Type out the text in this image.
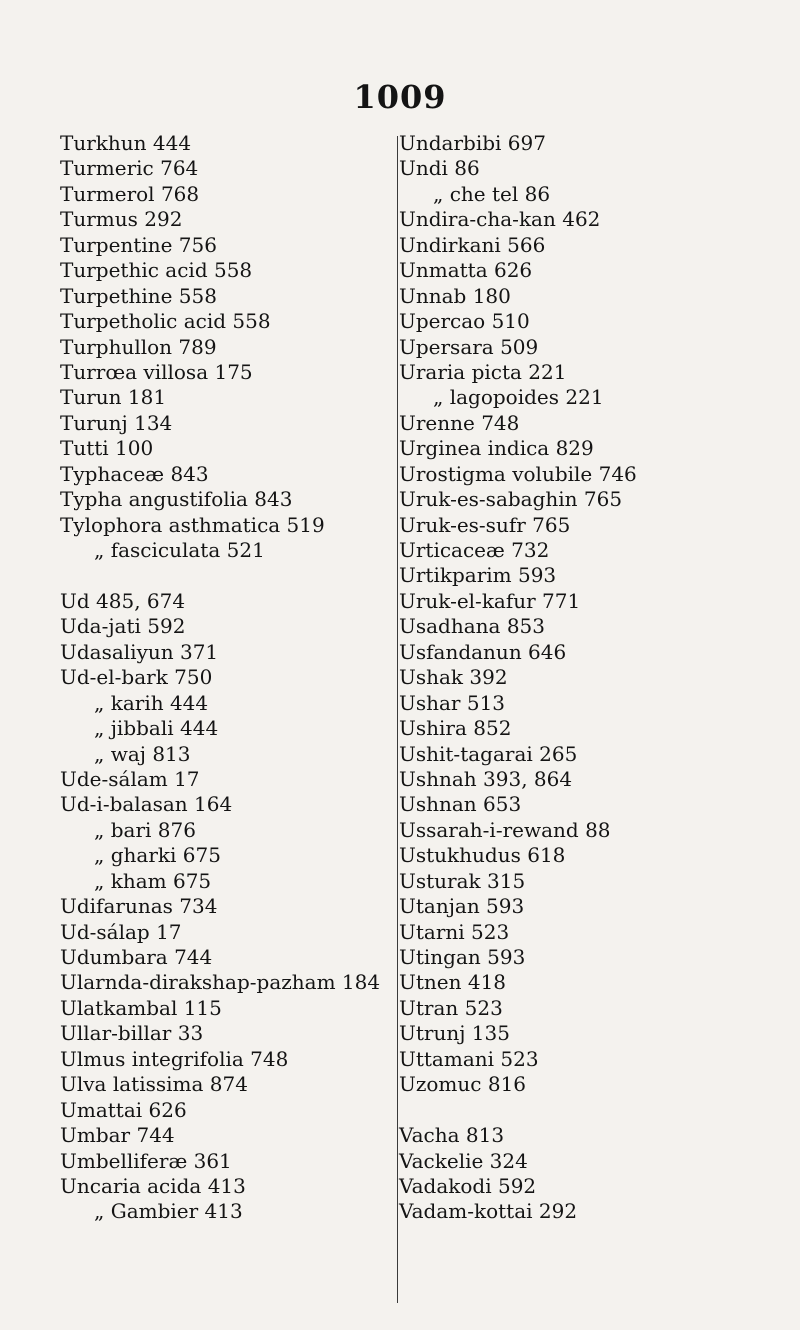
1009
Turkhun 444
Turmeric 764
Turmerol 768
Turmus 292
Turpentine 756
Turpethic acid 558
Turpethine 558
Turpetholic acid 558
Turphullon 789
Turrœa villosa 175
Turun 181
Turunj 134
Tutti 100
Typhaceæ 843
Typha angustifolia 843
Tylophora asthmatica 519
„ fasciculata 521
Ud 485, 674
Uda-jati 592
Udasaliyun 371
Ud-el-bark 750
„ karih 444
„ jibbali 444
„ waj 813
Ude-sálam 17
Ud-i-balasan 164
„ bari 876
„ gharki 675
„ kham 675
Udifarunas 734
Ud-sálap 17
Udumbara 744
Ularnda-dirakshap-pazham 184
Ulatkambal 115
Ullar-billar 33
Ulmus integrifolia 748
Ulva latissima 874
Umattai 626
Umbar 744
Umbelliferæ 361
Uncaria acida 413
„ Gambier 413
Undarbibi 697
Undi 86
„ che tel 86
Undira-cha-kan 462
Undirkani 566
Unmatta 626
Unnab 180
Upercao 510
Upersara 509
Uraria picta 221
„ lagopoides 221
Urenne 748
Urginea indica 829
Urostigma volubile 746
Uruk-es-sabaghin 765
Uruk-es-sufr 765
Urticaceæ 732
Urtikparim 593
Uruk-el-kafur 771
Usadhana 853
Usfandanun 646
Ushak 392
Ushar 513
Ushira 852
Ushit-tagarai 265
Ushnah 393, 864
Ushnan 653
Ussarah-i-rewand 88
Ustukhudus 618
Usturak 315
Utanjan 593
Utarni 523
Utingan 593
Utnen 418
Utran 523
Utrunj 135
Uttamani 523
Uzomuc 816
Vacha 813
Vackelie 324
Vadakodi 592
Vadam-kottai 292
